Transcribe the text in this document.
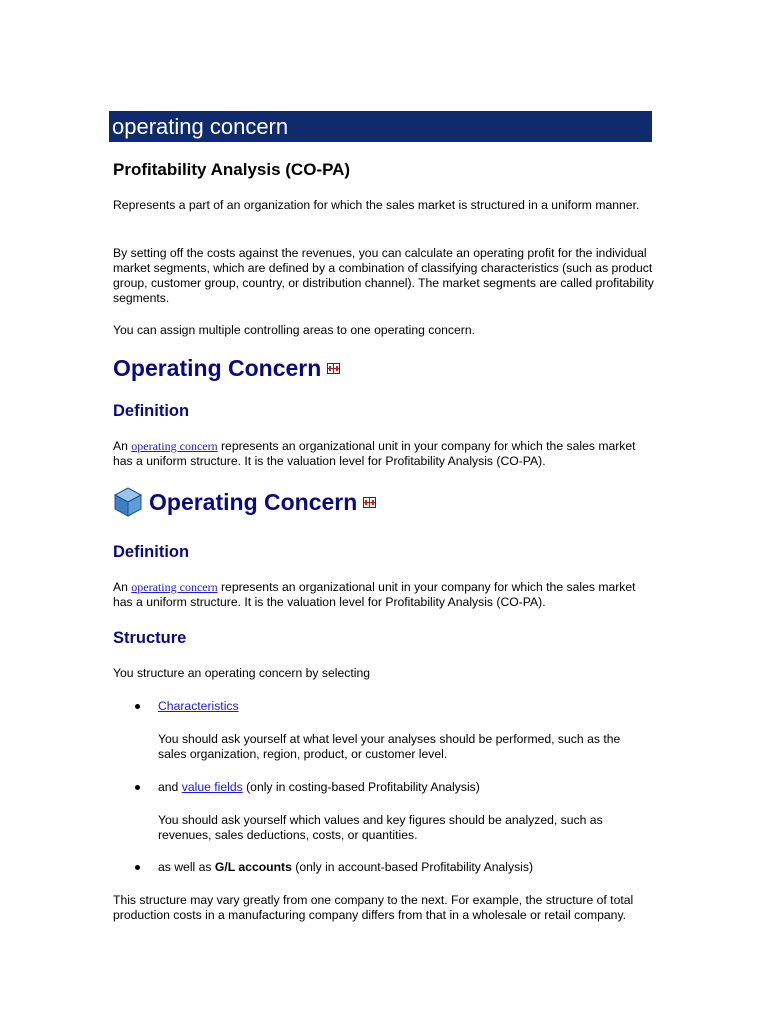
operating concern
Profitability Analysis (CO-PA)

Represents a part of an organization for which the sales market is structured in a uniform manner.

By setting off the costs against the revenues, you can calculate an operating profit for the individual market segments, which are defined by a combination of classifying characteristics (such as product group, customer group, country, or distribution channel). The market segments are called profitability segments.

You can assign multiple controlling areas to one operating concern.

Operating Concern
Definition

An operating concern represents an organizational unit in your company for which the sales market has a uniform structure. It is the valuation level for Profitability Analysis (CO-PA).

Operating Concern
Definition

An operating concern represents an organizational unit in your company for which the sales market has a uniform structure. It is the valuation level for Profitability Analysis (CO-PA).

Structure

You structure an operating concern by selecting

Characteristics

You should ask yourself at what level your analyses should be performed, such as the sales organization, region, product, or customer level.

and value fields (only in costing-based Profitability Analysis)

You should ask yourself which values and key figures should be analyzed, such as revenues, sales deductions, costs, or quantities.

as well as G/L accounts (only in account-based Profitability Analysis)

This structure may vary greatly from one company to the next. For example, the structure of total production costs in a manufacturing company differs from that in a wholesale or retail company.
